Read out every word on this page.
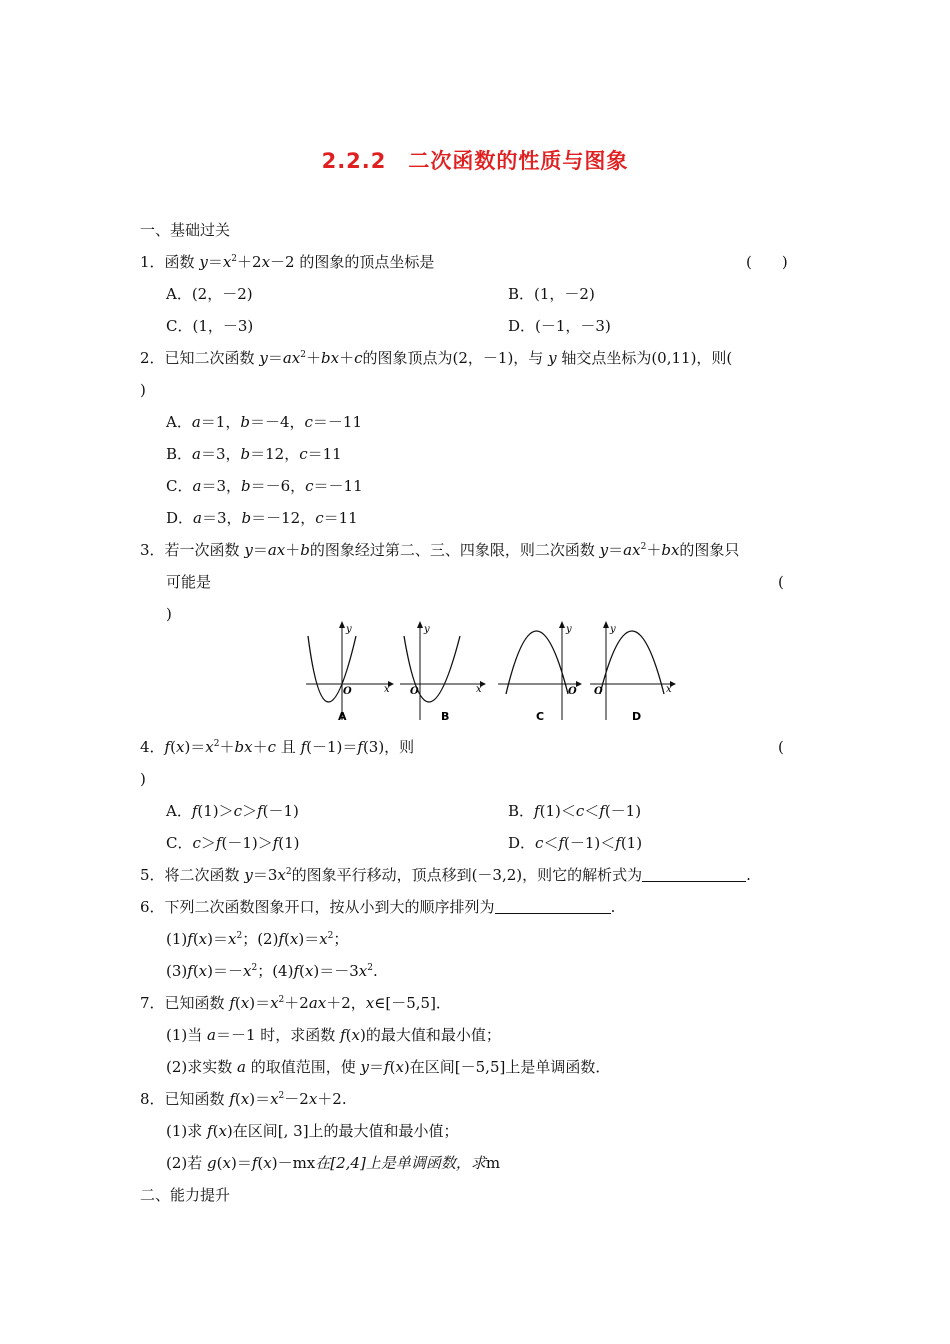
2.2.2　二次函数的性质与图象
一、基础过关
1．函数 $y=x^2+2x-2$ 的图象的顶点坐标是	(　　)
A．(2，－2)	B．(1，－2)
C．(1，－3)	D．(－1，－3)
2．已知二次函数 $y=ax^2+bx+c$的图象顶点为(2，－1)，与 y 轴交点坐标为(0,11)，则(
)
A．a＝1，b＝－4，c＝－11
B．a＝3，b＝12，c＝11
C．a＝3，b＝－6，c＝－11
D．a＝3，b＝－12，c＝11
3．若一次函数 y＝ax＋b的图象经过第二、三、四象限，则二次函数 $y=ax^2+bx$的图象只
可能是	(
)
y
x
O
A
y
x
O
B
y
O
C
y
x
O
D
4．$f(x)=x^2+bx+c$ 且 f(－1)＝f(3)，则	(
)
A．f(1)＞c＞f(－1)	B．f(1)＜c＜f(－1)
C．c＞f(－1)＞f(1)	D．c＜f(－1)＜f(1)
5．将二次函数 $y=3x^2$的图象平行移动，顶点移到(－3,2)，则它的解析式为	.
6．下列二次函数图象开口，按从小到大的顺序排列为	.
$(1)f(x)=x^2$；$(2)f(x)=x^2$；
$(3)f(x)=-x^2$；$(4)f(x)=-3x^2$.
7．已知函数 $f(x)=x^2+2ax+2$，x∈[－5,5]．
(1)当 a＝－1 时，求函数 f(x)的最大值和最小值；
(2)求实数 a 的取值范围，使 y＝f(x)在区间[－5,5]上是单调函数．
8．已知函数 $f(x)=x^2-2x+2$.
(1)求 f(x)在区间[, 3]上的最大值和最小值；
(2)若 g(x)＝f(x)－mx在[2,4]上是单调函数，求m
二、能力提升
